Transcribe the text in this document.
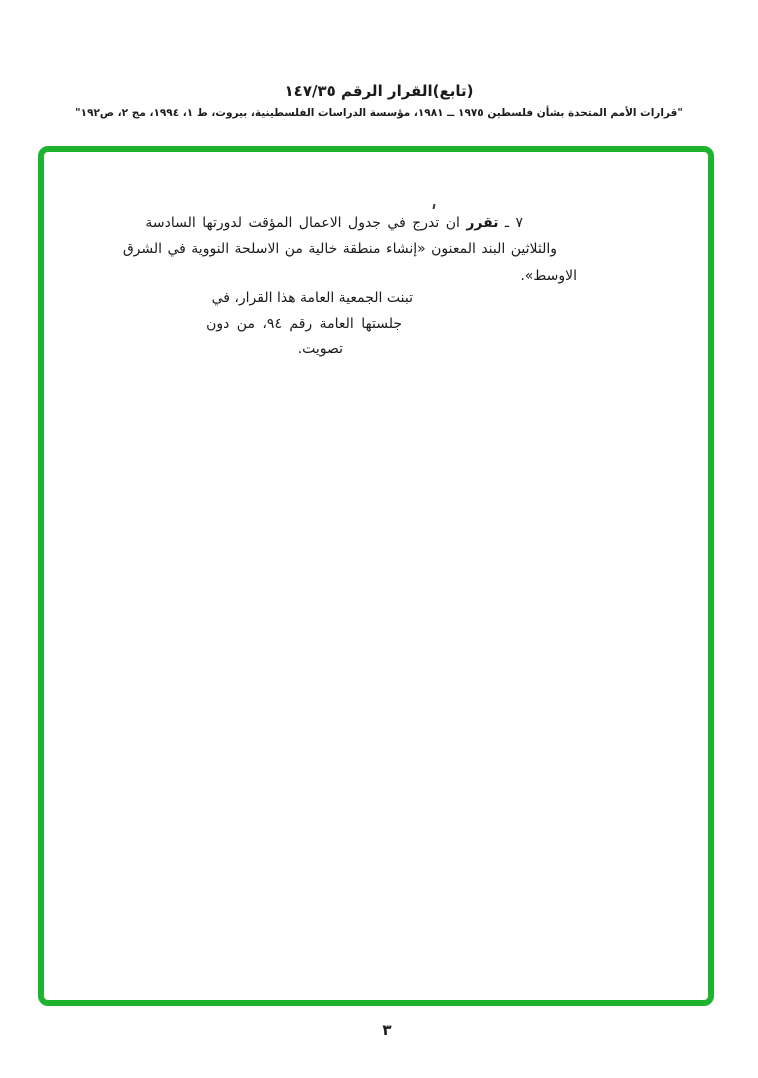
(تابع)القرار الرقم ١٤٧/٣٥
"قرارات الأمم المتحدة بشأن فلسطين ١٩٧٥ ــ ١٩٨١، مؤسسة الدراسات الفلسطينية، بيروت، ط ١، ١٩٩٤، مج ٢، ص١٩٢"
٧ ـ تقرر ان تدرج في جدول الاعمال المؤقت لدورتها السادسة
والثلاثين البند المعنون «إنشاء منطقة خالية من الاسلحة النووية في الشرق
الاوسط».
تبنت الجمعية العامة هذا القرار، في
جلستها العامة رقم ٩٤، من دون
تصويت.
٣
